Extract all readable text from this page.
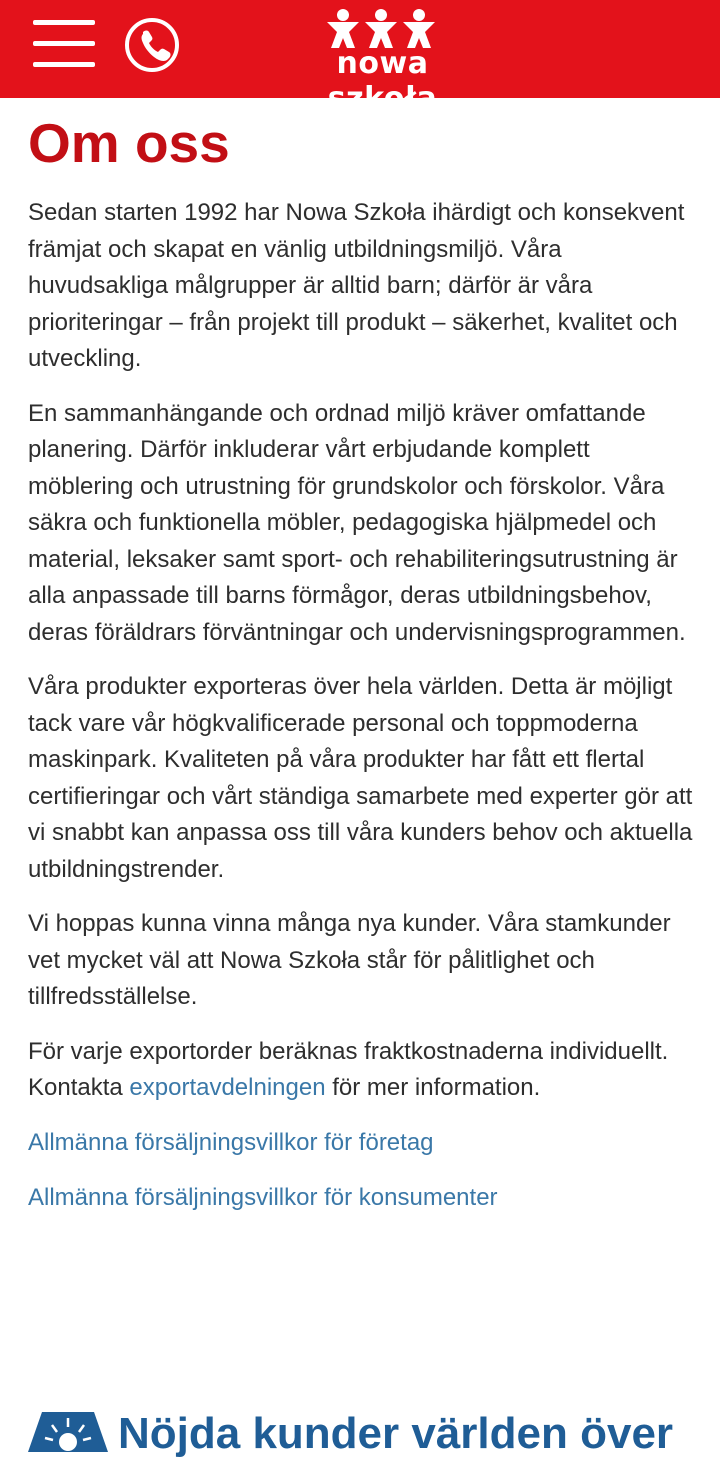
nowa szkoła
Om oss

Sedan starten 1992 har Nowa Szkoła ihärdigt och konsekvent främjat och skapat en vänlig utbildningsmiljö. Våra huvudsakliga målgrupper är alltid barn; därför är våra prioriteringar – från projekt till produkt – säkerhet, kvalitet och utveckling.

En sammanhängande och ordnad miljö kräver omfattande planering. Därför inkluderar vårt erbjudande komplett möblering och utrustning för grundskolor och förskolor. Våra säkra och funktionella möbler, pedagogiska hjälpmedel och material, leksaker samt sport- och rehabiliteringsutrustning är alla anpassade till barns förmågor, deras utbildningsbehov, deras föräldrars förväntningar och undervisningsprogrammen.

Våra produkter exporteras över hela världen. Detta är möjligt tack vare vår högkvalificerade personal och toppmoderna maskinpark. Kvaliteten på våra produkter har fått ett flertal certifieringar och vårt ständiga samarbete med experter gör att vi snabbt kan anpassa oss till våra kunders behov och aktuella utbildningstrender.

Vi hoppas kunna vinna många nya kunder. Våra stamkunder vet mycket väl att Nowa Szkoła står för pålitlighet och tillfredsställelse.

För varje exportorder beräknas fraktkostnaderna individuellt. Kontakta exportavdelningen för mer information.

Allmänna försäljningsvillkor för företag
Allmänna försäljningsvillkor för konsumenter
Nöjda kunder världen över
